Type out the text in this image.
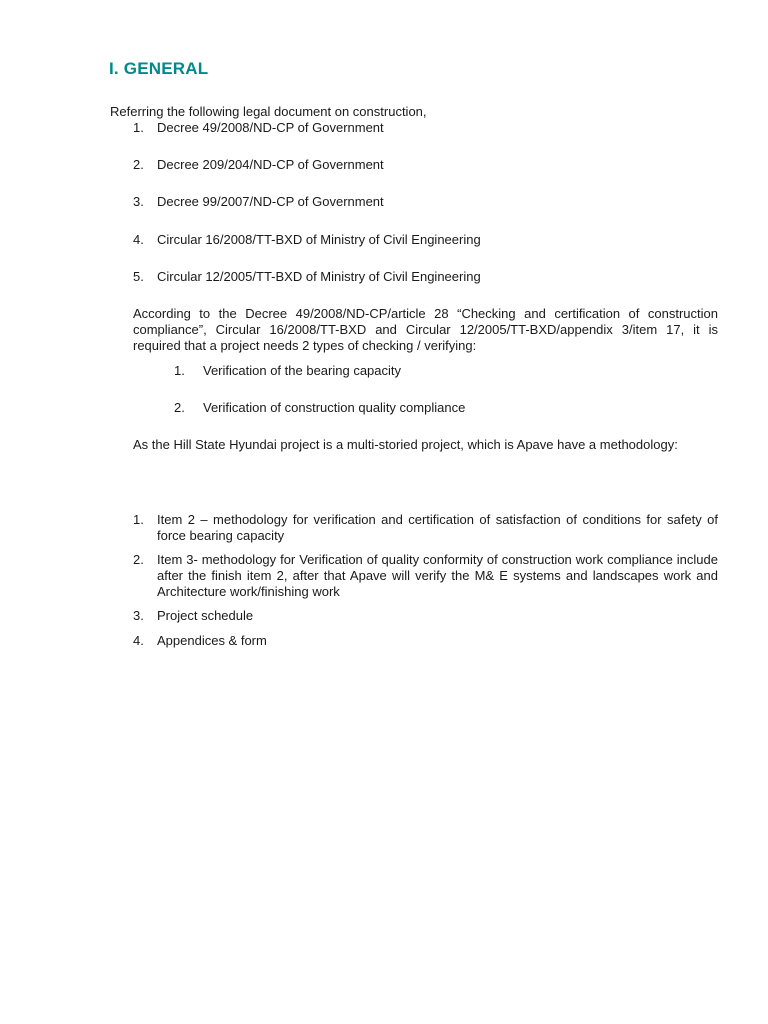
I. GENERAL
Referring the following legal document on construction,
1. Decree 49/2008/ND-CP of Government
2. Decree 209/204/ND-CP of Government
3. Decree 99/2007/ND-CP of Government
4. Circular 16/2008/TT-BXD of Ministry of Civil Engineering
5. Circular 12/2005/TT-BXD of Ministry of Civil Engineering
According to the Decree 49/2008/ND-CP/article 28 “Checking and certification of construction compliance”, Circular 16/2008/TT-BXD and Circular 12/2005/TT-BXD/appendix 3/item 17, it is required that a project needs 2 types of checking / verifying:
1. Verification of the bearing capacity
2. Verification of construction quality compliance
As the Hill State Hyundai project is a multi-storied project, which is Apave have a methodology:
1.	Item 2 – methodology for verification and certification of satisfaction of conditions for safety of force bearing capacity
2.	Item 3- methodology for Verification of quality conformity of construction work compliance include after the finish item 2, after that Apave will verify the M& E systems and landscapes work and Architecture work/finishing work
3.	Project schedule
4.	Appendices & form
